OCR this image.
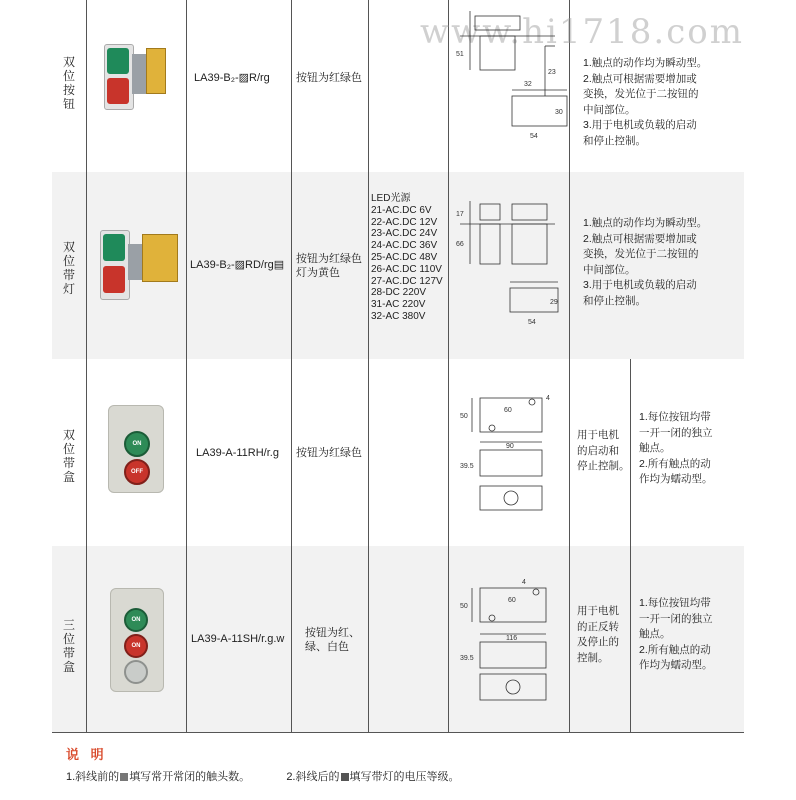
www.hi1718.com
双位按钮
LA39-B₂-▨R/rg 按钮为红绿色
51
32
23
30
54
1.触点的动作均为瞬动型。
2.触点可根据需要增加或
变换，发光位于二按钮的
中间部位。
3.用于电机或负载的启动
和停止控制。
双位带灯
LA39-B₂-▨RD/rg▤ 按钮为红绿色
灯为黄色
LED光源
21-AC.DC 6V
22-AC.DC 12V
23-AC.DC 24V
24-AC.DC 36V
25-AC.DC 48V
26-AC.DC 110V
27-AC.DC 127V
28-DC 220V
31-AC 220V
32-AC 380V
17
66
29
54
1.触点的动作均为瞬动型。
2.触点可根据需要增加或
变换，发光位于二按钮的
中间部位。
3.用于电机或负载的启动
和停止控制。
双位带盒
ON
OFF
LA39-A-11RH/r.g 按钮为红绿色
50
60
90
39.5
4
用于电机
的启动和
停止控制。
1.每位按钮均带
一开一闭的独立
触点。
2.所有触点的动
作均为蠕动型。
三位带盒
ON
ON
LA39-A-11SH/r.g.w 按钮为红、
绿、白色
50
60
116
39.5
4
用于电机
的正反转
及停止的
控制。
1.每位按钮均带
一开一闭的独立
触点。
2.所有触点的动
作均为蠕动型。
说 明
1.斜线前的 填写常开常闭的触头数。	2.斜线后的 填写带灯的电压等级。
